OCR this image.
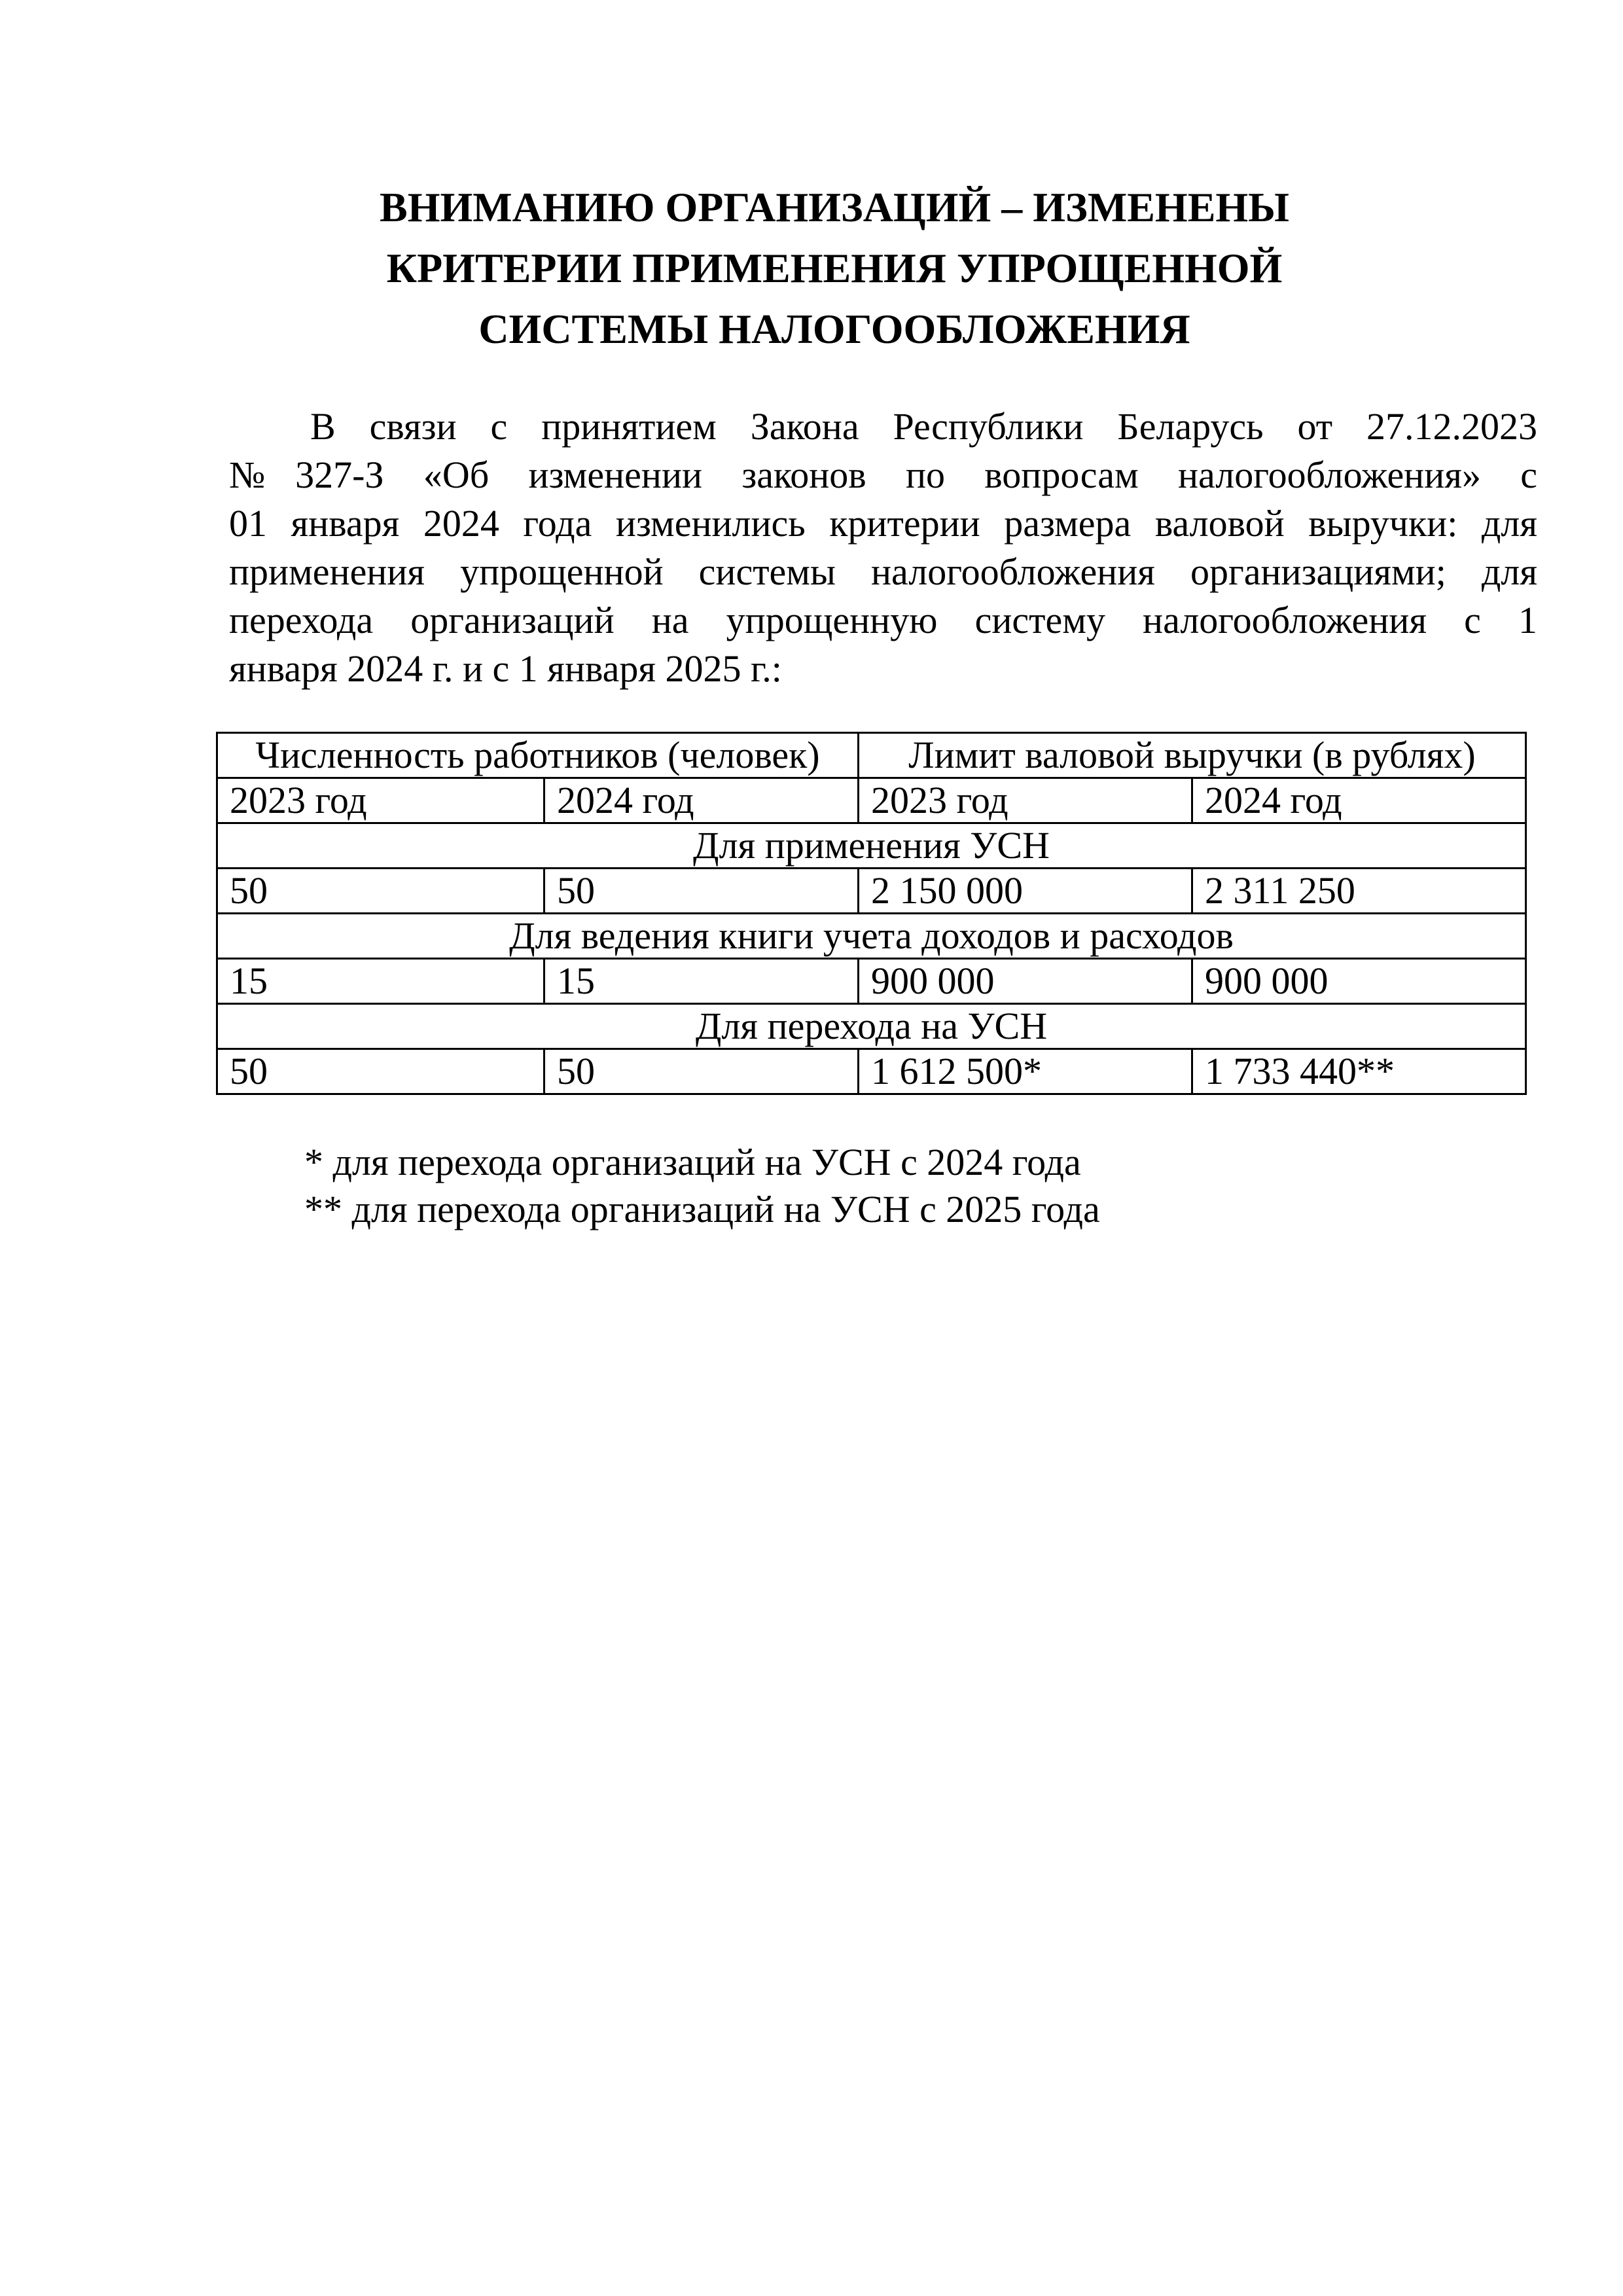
ВНИМАНИЮ ОРГАНИЗАЦИЙ – ИЗМЕНЕНЫ
КРИТЕРИИ ПРИМЕНЕНИЯ УПРОЩЕННОЙ
СИСТЕМЫ НАЛОГООБЛОЖЕНИЯ
В связи с принятием Закона Республики Беларусь от 27.12.2023
№327-З «Об изменении законов по вопросам налогообложения» с
01 января 2024 года изменились критерии размера валовой выручки: для
применения упрощенной системы налогообложения организациями; для
перехода организаций на упрощенную систему налогообложения с 1
января 2024 г. и с 1 января 2025 г.:
Численность работников (человек)		Лимит валовой выручки (в рублях)	
2023 год	2024 год	2023 год	2024 год
Для применения УСН			
50	50	2 150 000	2 311 250
Для ведения книги учета доходов и расходов			
15	15	900 000	900 000
Для перехода на УСН			
50	50	1 612 500*	1 733 440**
* для перехода организаций на УСН с 2024 года
** для перехода организаций на УСН с 2025 года
